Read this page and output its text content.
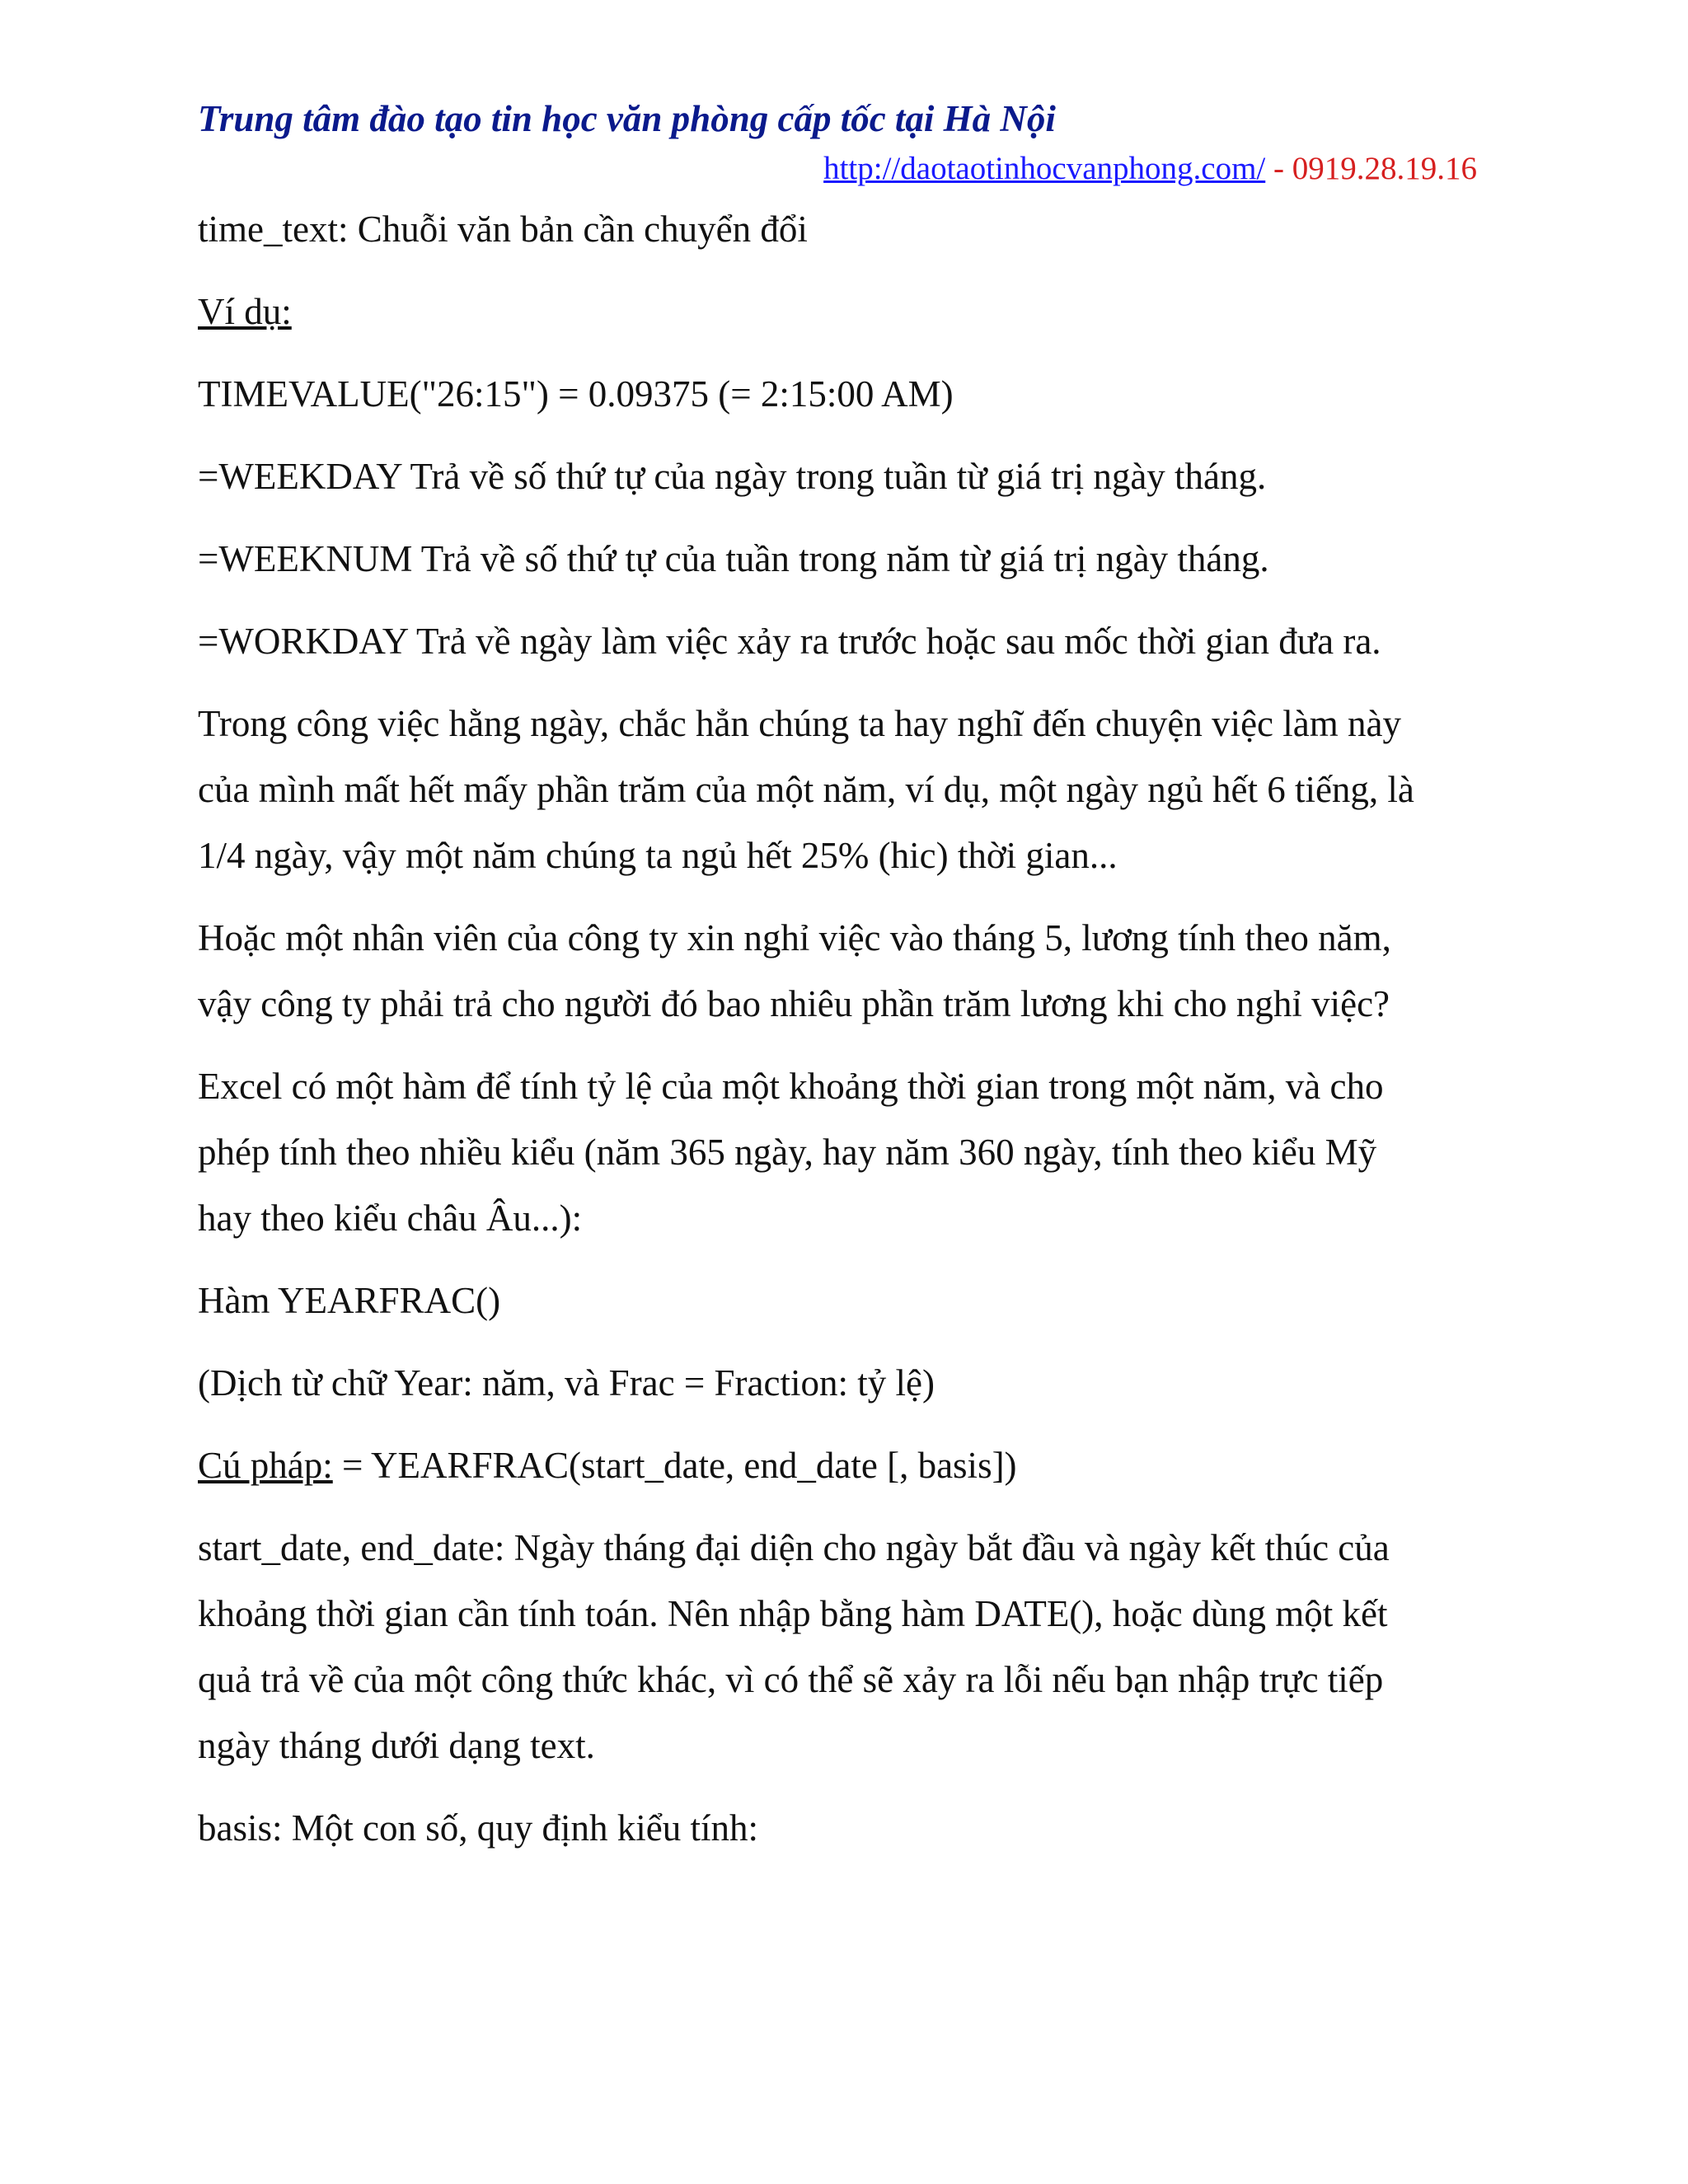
Trung tâm đào tạo tin học văn phòng cấp tốc tại Hà Nội
http://daotaotinhocvanphong.com/ - 0919.28.19.16

time_text: Chuỗi văn bản cần chuyển đổi

Ví dụ:

TIMEVALUE("26:15") = 0.09375 (= 2:15:00 AM)

=WEEKDAY Trả về số thứ tự của ngày trong tuần từ giá trị ngày tháng.

=WEEKNUM Trả về số thứ tự của tuần trong năm từ giá trị ngày tháng.

=WORKDAY Trả về ngày làm việc xảy ra trước hoặc sau mốc thời gian đưa ra.

Trong công việc hằng ngày, chắc hẳn chúng ta hay nghĩ đến chuyện việc làm này
của mình mất hết mấy phần trăm của một năm, ví dụ, một ngày ngủ hết 6 tiếng, là
1/4 ngày, vậy một năm chúng ta ngủ hết 25% (hic) thời gian...

Hoặc một nhân viên của công ty xin nghỉ việc vào tháng 5, lương tính theo năm,
vậy công ty phải trả cho người đó bao nhiêu phần trăm lương khi cho nghỉ việc?

Excel có một hàm để tính tỷ lệ của một khoảng thời gian trong một năm, và cho
phép tính theo nhiều kiểu (năm 365 ngày, hay năm 360 ngày, tính theo kiểu Mỹ
hay theo kiểu châu Âu...):

Hàm YEARFRAC()

(Dịch từ chữ Year: năm, và Frac = Fraction: tỷ lệ)

Cú pháp: = YEARFRAC(start_date, end_date [, basis])

start_date, end_date: Ngày tháng đại diện cho ngày bắt đầu và ngày kết thúc của
khoảng thời gian cần tính toán. Nên nhập bằng hàm DATE(), hoặc dùng một kết
quả trả về của một công thức khác, vì có thể sẽ xảy ra lỗi nếu bạn nhập trực tiếp
ngày tháng dưới dạng text.

basis: Một con số, quy định kiểu tính:
